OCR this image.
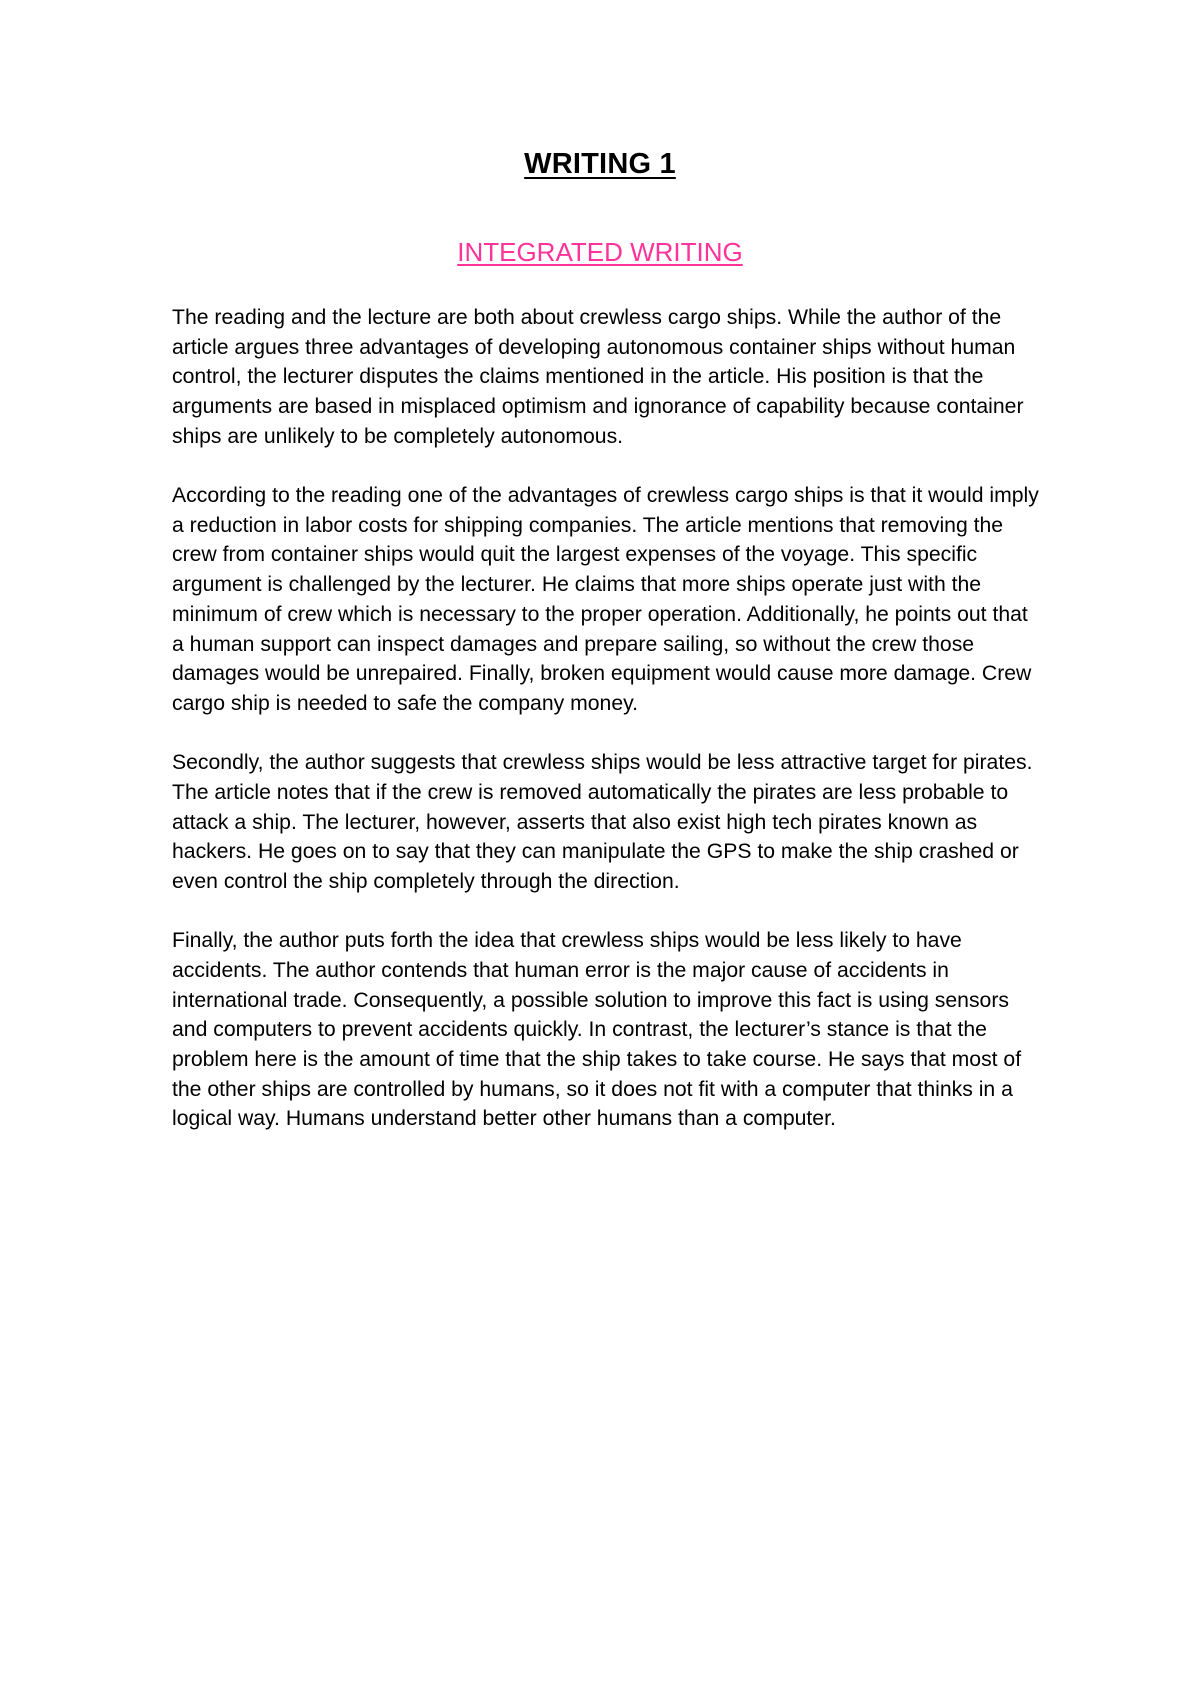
WRITING 1
INTEGRATED WRITING

The reading and the lecture are both about crewless cargo ships. While the author of the article argues three advantages of developing autonomous container ships without human control, the lecturer disputes the claims mentioned in the article. His position is that the arguments are based in misplaced optimism and ignorance of capability because container ships are unlikely to be completely autonomous.

According to the reading one of the advantages of crewless cargo ships is that it would imply a reduction in labor costs for shipping companies. The article mentions that removing the crew from container ships would quit the largest expenses of the voyage. This specific argument is challenged by the lecturer. He claims that more ships operate just with the minimum of crew which is necessary to the proper operation. Additionally, he points out that a human support can inspect damages and prepare sailing, so without the crew those damages would be unrepaired. Finally, broken equipment would cause more damage. Crew cargo ship is needed to safe the company money.

Secondly, the author suggests that crewless ships would be less attractive target for pirates. The article notes that if the crew is removed automatically the pirates are less probable to attack a ship. The lecturer, however, asserts that also exist high tech pirates known as hackers. He goes on to say that they can manipulate the GPS to make the ship crashed or even control the ship completely through the direction.

Finally, the author puts forth the idea that crewless ships would be less likely to have accidents. The author contends that human error is the major cause of accidents in international trade. Consequently, a possible solution to improve this fact is using sensors and computers to prevent accidents quickly. In contrast, the lecturer’s stance is that the problem here is the amount of time that the ship takes to take course. He says that most of the other ships are controlled by humans, so it does not fit with a computer that thinks in a logical way. Humans understand better other humans than a computer.
